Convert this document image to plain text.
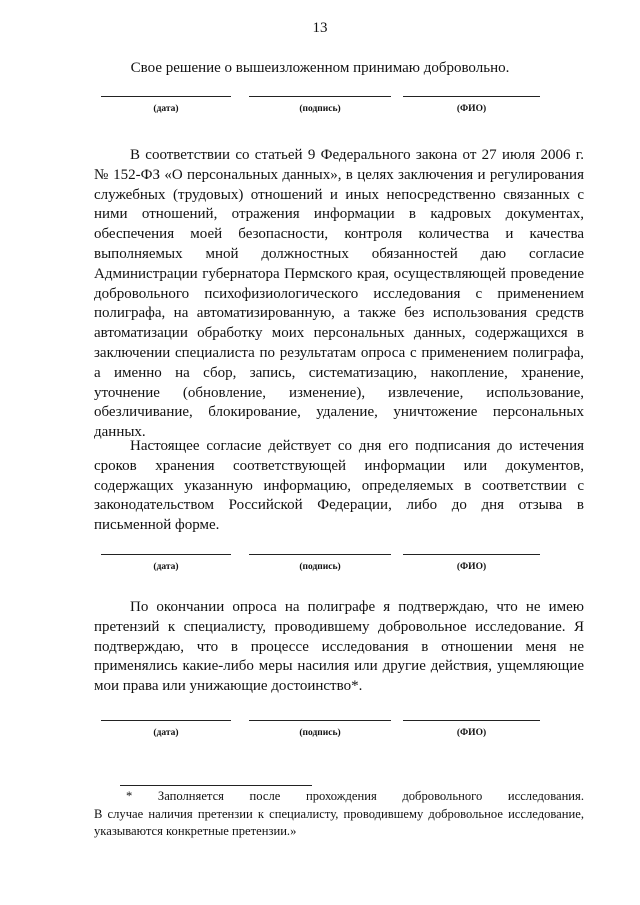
13
Свое решение о вышеизложенном принимаю добровольно.
(дата)	(подпись)	(ФИО)
В соответствии со статьей 9 Федерального закона от 27 июля 2006 г. № 152-ФЗ «О персональных данных», в целях заключения и регулирования служебных (трудовых) отношений и иных непосредственно связанных с ними отношений, отражения информации в кадровых документах, обеспечения моей безопасности, контроля количества и качества выполняемых мной должностных обязанностей даю согласие Администрации губернатора Пермского края, осуществляющей проведение добровольного психофизиологического исследования с применением полиграфа, на автоматизированную, а также без использования средств автоматизации обработку моих персональных данных, содержащихся в заключении специалиста по результатам опроса с применением полиграфа, а именно на сбор, запись, систематизацию, накопление, хранение, уточнение (обновление, изменение), извлечение, использование, обезличивание, блокирование, удаление, уничтожение персональных данных.
Настоящее согласие действует со дня его подписания до истечения сроков хранения соответствующей информации или документов, содержащих указанную информацию, определяемых в соответствии с законодательством Российской Федерации, либо до дня отзыва в письменной форме.
(дата)	(подпись)	(ФИО)
По окончании опроса на полиграфе я подтверждаю, что не имею претензий к специалисту, проводившему добровольное исследование. Я подтверждаю, что в процессе исследования в отношении меня не применялись какие-либо меры насилия или другие действия, ущемляющие мои права или унижающие достоинство*.
(дата)	(подпись)	(ФИО)
* Заполняется после прохождения добровольного исследования.
В случае наличия претензии к специалисту, проводившему добровольное исследование, указываются конкретные претензии.»
